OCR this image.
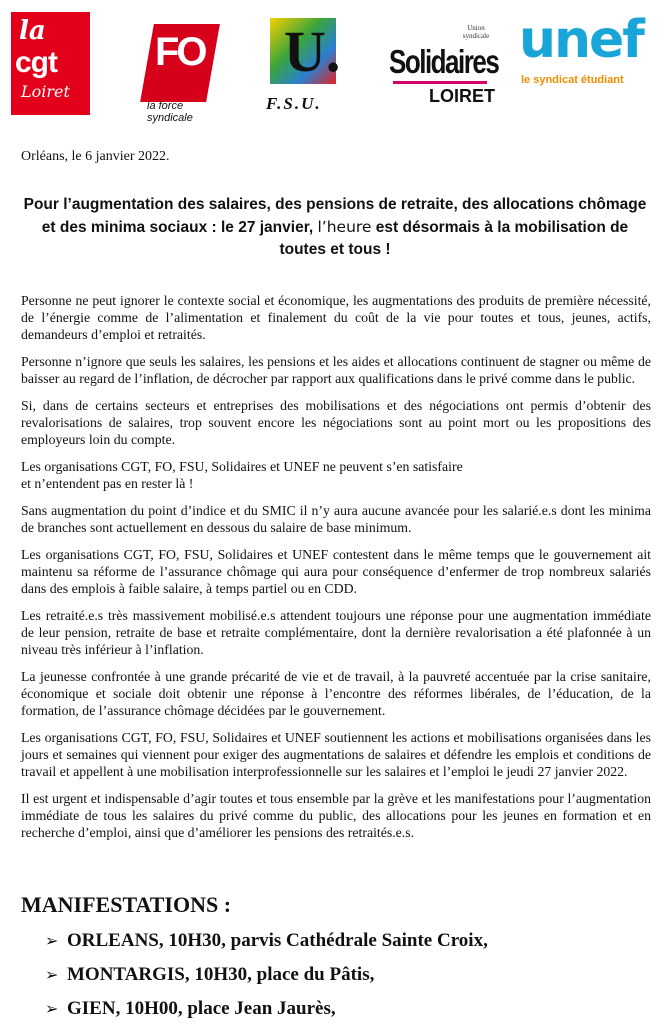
la
cgt
Loiret
FO
la force syndicale
U.
F.S.U.
Union syndicale
Solidaires
LOIRET
unef
le syndicat étudiant
Orléans, le 6 janvier 2022.
Pour l’augmentation des salaires, des pensions de retraite, des allocations chômage et des minima sociaux : le 27 janvier, l’heure est désormais à la mobilisation de toutes et tous !

Personne ne peut ignorer le contexte social et économique, les augmentations des produits de première nécessité, de l’énergie comme de l’alimentation et finalement du coût de la vie pour toutes et tous, jeunes, actifs, demandeurs d’emploi et retraités.

Personne n’ignore que seuls les salaires, les pensions et les aides et allocations continuent de stagner ou même de baisser au regard de l’inflation, de décrocher par rapport aux qualifications dans le privé comme dans le public.

Si, dans de certains secteurs et entreprises des mobilisations et des négociations ont permis d’obtenir des revalorisations de salaires, trop souvent encore les négociations sont au point mort ou les propositions des employeurs loin du compte.

Les organisations CGT, FO, FSU, Solidaires et UNEF ne peuvent s’en satisfaire
et n’entendent pas en rester là !

Sans augmentation du point d’indice et du SMIC il n’y aura aucune avancée pour les salarié.e.s dont les minima de branches sont actuellement en dessous du salaire de base minimum.

Les organisations CGT, FO, FSU, Solidaires et UNEF contestent dans le même temps que le gouvernement ait maintenu sa réforme de l’assurance chômage qui aura pour conséquence d’enfermer de trop nombreux salariés dans des emplois à faible salaire, à temps partiel ou en CDD.

Les retraité.e.s très massivement mobilisé.e.s attendent toujours une réponse pour une augmentation immédiate de leur pension, retraite de base et retraite complémentaire, dont la dernière revalorisation a été plafonnée à un niveau très inférieur à l’inflation.

La jeunesse confrontée à une grande précarité de vie et de travail, à la pauvreté accentuée par la crise sanitaire, économique et sociale doit obtenir une réponse à l’encontre des réformes libérales, de l’éducation, de la formation, de l’assurance chômage décidées par le gouvernement.

Les organisations CGT, FO, FSU, Solidaires et UNEF soutiennent les actions et mobilisations organisées dans les jours et semaines qui viennent pour exiger des augmentations de salaires et défendre les emplois et conditions de travail et appellent à une mobilisation interprofessionnelle sur les salaires et l’emploi le jeudi 27 janvier 2022.

Il est urgent et indispensable d’agir toutes et tous ensemble par la grève et les manifestations pour l’augmentation immédiate de tous les salaires du privé comme du public, des allocations pour les jeunes en formation et en recherche d’emploi, ainsi que d’améliorer les pensions des retraités.e.s.

MANIFESTATIONS :
➢ ORLEANS, 10H30, parvis Cathédrale Sainte Croix,
➢ MONTARGIS, 10H30, place du Pâtis,
➢ GIEN, 10H00, place Jean Jaurès,
